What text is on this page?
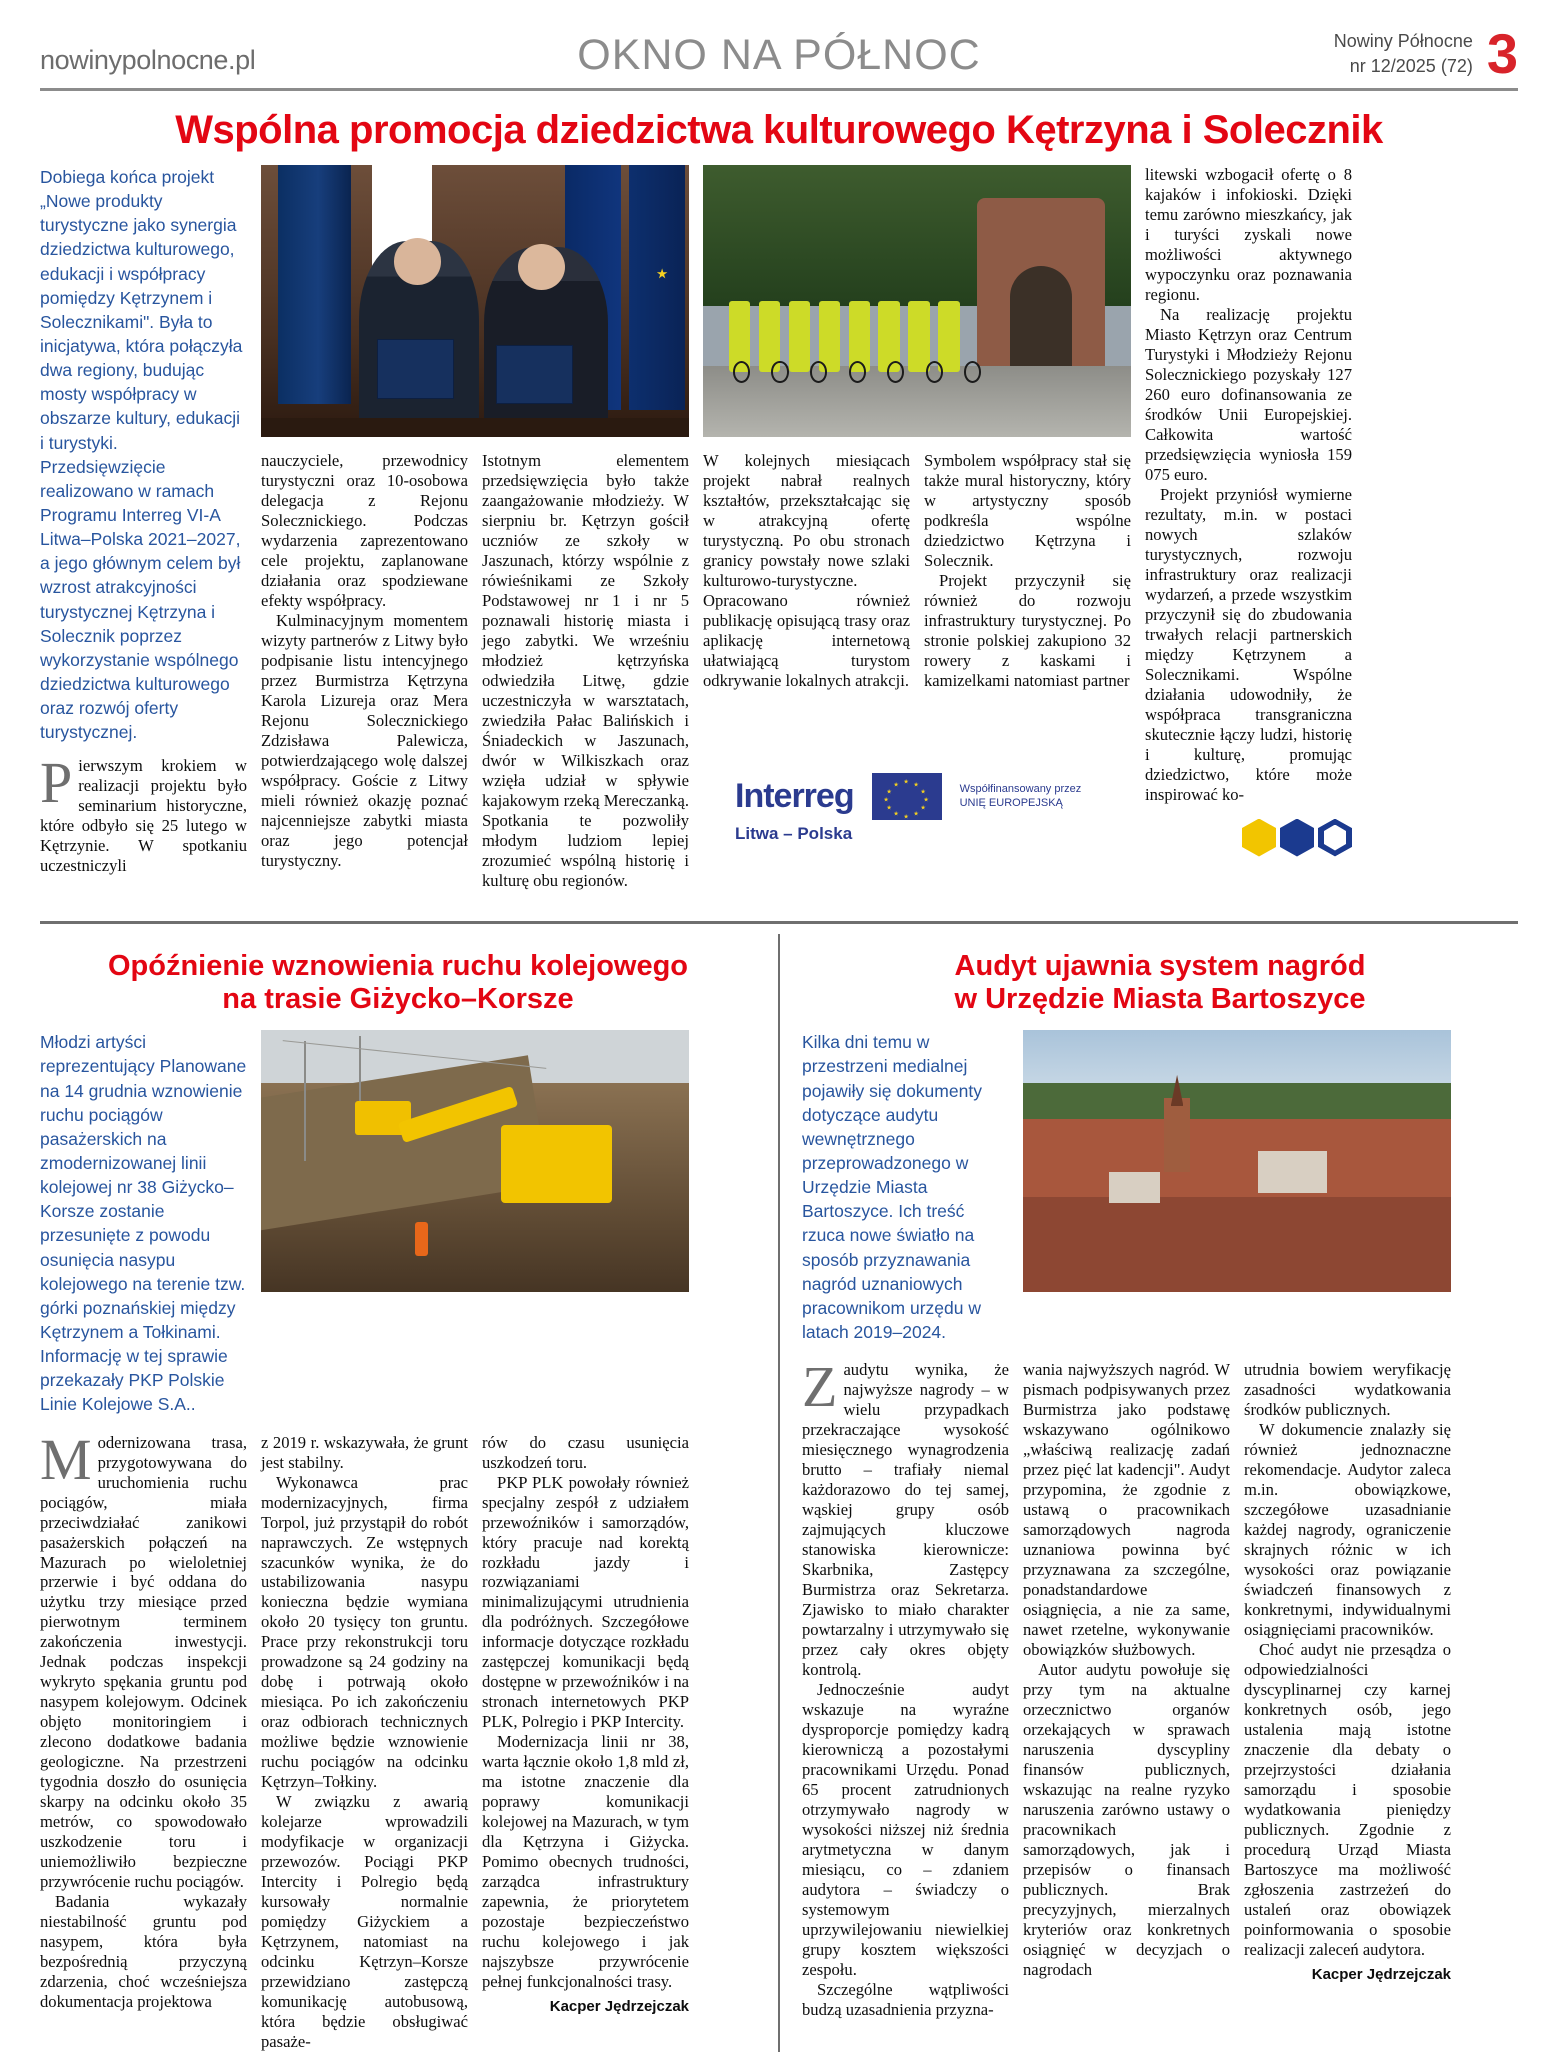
nowinypolnocne.pl	OKNO NA PÓŁNOC	Nowiny Północne
nr 12/2025 (72) 3
Wspólna promocja dziedzictwa kulturowego Kętrzyna i Solecznik
Dobiega końca projekt „Nowe produkty turystyczne jako synergia dziedzictwa kulturowego, edukacji i współpracy pomiędzy Kętrzynem i Solecznikami". Była to inicjatywa, która połączyła dwa regiony, budując mosty współpracy w obszarze kultury, edukacji i turystyki. Przedsięwzięcie realizowano w ramach Programu Interreg VI-A Litwa–Polska 2021–2027, a jego głównym celem był wzrost atrakcyjności turystycznej Kętrzyna i Solecznik poprzez wykorzystanie wspólnego dziedzictwa kulturowego oraz rozwój oferty turystycznej.

Pierwszym krokiem w realizacji projektu było seminarium historyczne, które odbyło się 25 lutego w Kętrzynie. W spotkaniu uczestniczyli

nauczyciele, przewodnicy turystyczni oraz 10-osobowa delegacja z Rejonu Solecznickiego. Podczas wydarzenia zaprezentowano cele projektu, zaplanowane działania oraz spodziewane efekty współpracy.

Kulminacyjnym momentem wizyty partnerów z Litwy było podpisanie listu intencyjnego przez Burmistrza Kętrzyna Karola Lizureja oraz Mera Rejonu Solecznickiego Zdzisława Palewicza, potwierdzającego wolę dalszej współpracy. Goście z Litwy mieli również okazję poznać najcenniejsze zabytki miasta oraz jego potencjał turystyczny.

Istotnym elementem przedsięwzięcia było także zaangażowanie młodzieży. W sierpniu br. Kętrzyn gościł uczniów ze szkoły w Jaszunach, którzy wspólnie z rówieśnikami ze Szkoły Podstawowej nr 1 i nr 5 poznawali historię miasta i jego zabytki. We wrześniu młodzież kętrzyńska odwiedziła Litwę, gdzie uczestniczyła w warsztatach, zwiedziła Pałac Balińskich i Śniadeckich w Jaszunach, dwór w Wilkiszkach oraz wzięła udział w spływie kajakowym rzeką Mereczanką. Spotkania te pozwoliły młodym ludziom lepiej zrozumieć wspólną historię i kulturę obu regionów.

W kolejnych miesiącach projekt nabrał realnych kształtów, przekształcając się w atrakcyjną ofertę turystyczną. Po obu stronach granicy powstały nowe szlaki kulturowo-turystyczne. Opracowano również publikację opisującą trasy oraz aplikację internetową ułatwiającą turystom odkrywanie lokalnych atrakcji.

Symbolem współpracy stał się także mural historyczny, który w artystyczny sposób podkreśla wspólne dziedzictwo Kętrzyna i Solecznik.

Projekt przyczynił się również do rozwoju infrastruktury turystycznej. Po stronie polskiej zakupiono 32 rowery z kaskami i kamizelkami natomiast partner

litewski wzbogacił ofertę o 8 kajaków i infokioski. Dzięki temu zarówno mieszkańcy, jak i turyści zyskali nowe możliwości aktywnego wypoczynku oraz poznawania regionu.

Na realizację projektu Miasto Kętrzyn oraz Centrum Turystyki i Młodzieży Rejonu Solecznickiego pozyskały 127 260 euro dofinansowania ze środków Unii Europejskiej. Całkowita wartość przedsięwzięcia wyniosła 159 075 euro.

Projekt przyniósł wymierne rezultaty, m.in. w postaci nowych szlaków turystycznych, rozwoju infrastruktury oraz realizacji wydarzeń, a przede wszystkim przyczynił się do zbudowania trwałych relacji partnerskich między Kętrzynem a Solecznikami. Wspólne działania udowodniły, że współpraca transgraniczna skutecznie łączy ludzi, historię i kulturę, promując dziedzictwo, które może inspirować ko-

Interreg	Współfinansowany przez
UNIĘ EUROPEJSKĄ
Litwa – Polska
Opóźnienie wznowienia ruchu kolejowego
na trasie Giżycko–Korsze
Młodzi artyści reprezentujący Planowane na 14 grudnia wznowienie ruchu pociągów pasażerskich na zmodernizowanej linii kolejowej nr 38 Giżycko–Korsze zostanie przesunięte z powodu osunięcia nasypu kolejowego na terenie tzw. górki poznańskiej między Kętrzynem a Tołkinami. Informację w tej sprawie przekazały PKP Polskie Linie Kolejowe S.A..

Modernizowana trasa, przygotowywana do uruchomienia ruchu pociągów, miała przeciwdziałać zanikowi pasażerskich połączeń na Mazurach po wieloletniej przerwie i być oddana do użytku trzy miesiące przed pierwotnym terminem zakończenia inwestycji. Jednak podczas inspekcji wykryto spękania gruntu pod nasypem kolejowym. Odcinek objęto monitoringiem i zlecono dodatkowe badania geologiczne. Na przestrzeni tygodnia doszło do osunięcia skarpy na odcinku około 35 metrów, co spowodowało uszkodzenie toru i uniemożliwiło bezpieczne przywrócenie ruchu pociągów.

Badania wykazały niestabilność gruntu pod nasypem, która była bezpośrednią przyczyną zdarzenia, choć wcześniejsza dokumentacja projektowa

z 2019 r. wskazywała, że grunt jest stabilny.

Wykonawca prac modernizacyjnych, firma Torpol, już przystąpił do robót naprawczych. Ze wstępnych szacunków wynika, że do ustabilizowania nasypu konieczna będzie wymiana około 20 tysięcy ton gruntu. Prace przy rekonstrukcji toru prowadzone są 24 godziny na dobę i potrwają około miesiąca. Po ich zakończeniu oraz odbiorach technicznych możliwe będzie wznowienie ruchu pociągów na odcinku Kętrzyn–Tołkiny.

W związku z awarią kolejarze wprowadzili modyfikacje w organizacji przewozów. Pociągi PKP Intercity i Polregio będą kursowały normalnie pomiędzy Giżyckiem a Kętrzynem, natomiast na odcinku Kętrzyn–Korsze przewidziano zastępczą komunikację autobusową, która będzie obsługiwać pasaże-

rów do czasu usunięcia uszkodzeń toru.

PKP PLK powołały również specjalny zespół z udziałem przewoźników i samorządów, który pracuje nad korektą rozkładu jazdy i rozwiązaniami minimalizującymi utrudnienia dla podróżnych. Szczegółowe informacje dotyczące rozkładu zastępczej komunikacji będą dostępne w przewoźników i na stronach internetowych PKP PLK, Polregio i PKP Intercity.

Modernizacja linii nr 38, warta łącznie około 1,8 mld zł, ma istotne znaczenie dla poprawy komunikacji kolejowej na Mazurach, w tym dla Kętrzyna i Giżycka. Pomimo obecnych trudności, zarządca infrastruktury zapewnia, że priorytetem pozostaje bezpieczeństwo ruchu kolejowego i jak najszybsze przywrócenie pełnej funkcjonalności trasy.

Kacper Jędrzejczak
Audyt ujawnia system nagród
w Urzędzie Miasta Bartoszyce
Kilka dni temu w przestrzeni medialnej pojawiły się dokumenty dotyczące audytu wewnętrznego przeprowadzonego w Urzędzie Miasta Bartoszyce. Ich treść rzuca nowe światło na sposób przyznawania nagród uznaniowych pracownikom urzędu w latach 2019–2024.

Zaudytu wynika, że najwyższe nagrody – w wielu przypadkach przekraczające wysokość miesięcznego wynagrodzenia brutto – trafiały niemal każdorazowo do tej samej, wąskiej grupy osób zajmujących kluczowe stanowiska kierownicze: Skarbnika, Zastępcy Burmistrza oraz Sekretarza. Zjawisko to miało charakter powtarzalny i utrzymywało się przez cały okres objęty kontrolą.

Jednocześnie audyt wskazuje na wyraźne dysproporcje pomiędzy kadrą kierowniczą a pozostałymi pracownikami Urzędu. Ponad 65 procent zatrudnionych otrzymywało nagrody w wysokości niższej niż średnia arytmetyczna w danym miesiącu, co – zdaniem audytora – świadczy o systemowym uprzywilejowaniu niewielkiej grupy kosztem większości zespołu.

Szczególne wątpliwości budzą uzasadnienia przyzna-

wania najwyższych nagród. W pismach podpisywanych przez Burmistrza jako podstawę wskazywano ogólnikowo „właściwą realizację zadań przez pięć lat kadencji". Audyt przypomina, że zgodnie z ustawą o pracownikach samorządowych nagroda uznaniowa powinna być przyznawana za szczególne, ponadstandardowe osiągnięcia, a nie za same, nawet rzetelne, wykonywanie obowiązków służbowych.

Autor audytu powołuje się przy tym na aktualne orzecznictwo organów orzekających w sprawach naruszenia dyscypliny finansów publicznych, wskazując na realne ryzyko naruszenia zarówno ustawy o pracownikach samorządowych, jak i przepisów o finansach publicznych. Brak precyzyjnych, mierzalnych kryteriów oraz konkretnych osiągnięć w decyzjach o nagrodach

utrudnia bowiem weryfikację zasadności wydatkowania środków publicznych.

W dokumencie znalazły się również jednoznaczne rekomendacje. Audytor zaleca m.in. obowiązkowe, szczegółowe uzasadnianie każdej nagrody, ograniczenie skrajnych różnic w ich wysokości oraz powiązanie świadczeń finansowych z konkretnymi, indywidualnymi osiągnięciami pracowników.

Choć audyt nie przesądza o odpowiedzialności dyscyplinarnej czy karnej konkretnych osób, jego ustalenia mają istotne znaczenie dla debaty o przejrzystości działania samorządu i sposobie wydatkowania pieniędzy publicznych. Zgodnie z procedurą Urząd Miasta Bartoszyce ma możliwość zgłoszenia zastrzeżeń do ustaleń oraz obowiązek poinformowania o sposobie realizacji zaleceń audytora.

Kacper Jędrzejczak
